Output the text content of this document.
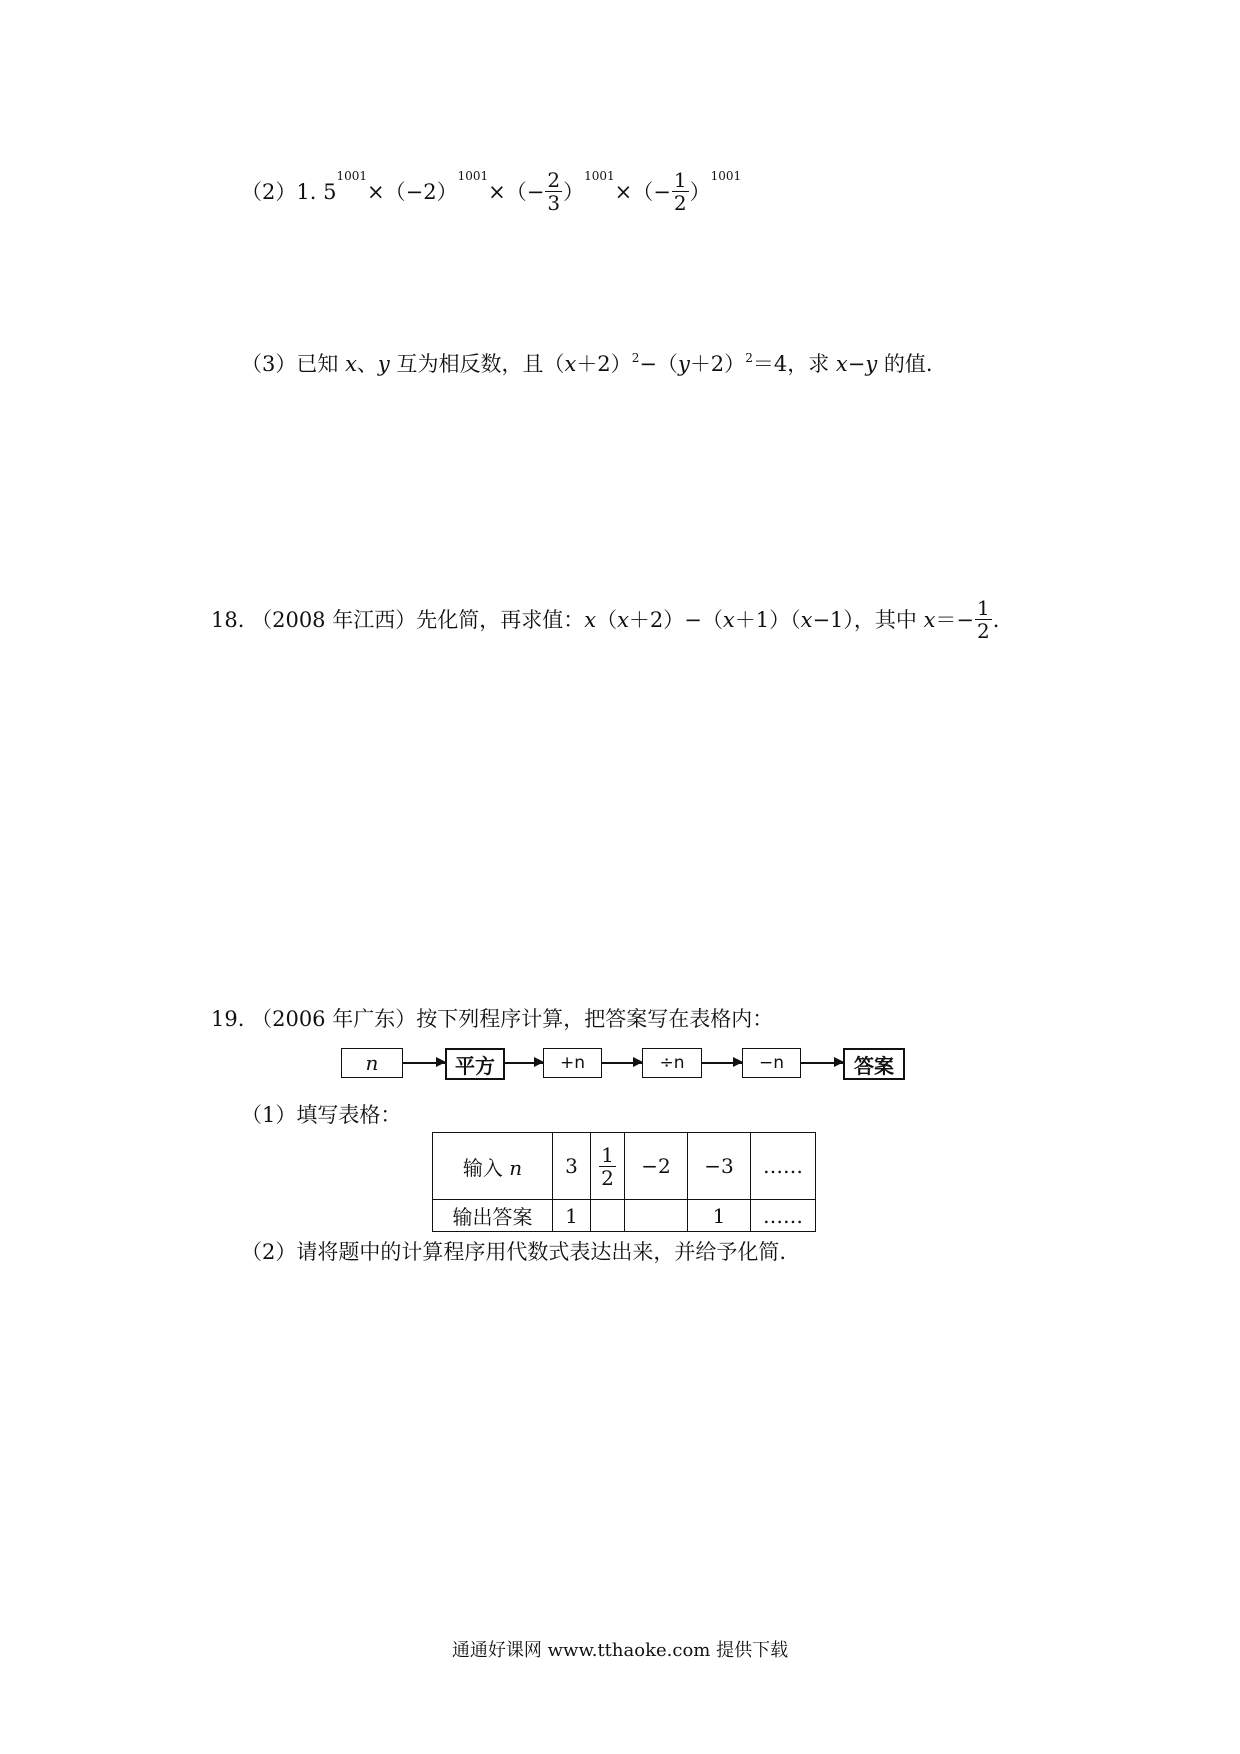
（2）1. $5^{1001}\times(-2)^{1001}\times(- \frac{2}{3} )^{1001}\times(- \frac{1}{2} )^{1001}$
（3）已知 x、y 互为相反数，且$(x+2)^2-(y+2)^2=4$，求 x−y 的值.
18. （2008 年江西）先化简，再求值：x（x＋2）−（x＋1）（x−1），其中 $x=- \frac{1}{2}$ .
19. （2006 年广东）按下列程序计算，把答案写在表格内：
n	平方	+n	÷n	−n	答案
（1）填写表格：
输入 n	3	$\frac{1}{2}$	−2	−3	……
输出答案	1			1	……
（2）请将题中的计算程序用代数式表达出来，并给予化简.
通通好课网 www.tthaoke.com 提供下载
